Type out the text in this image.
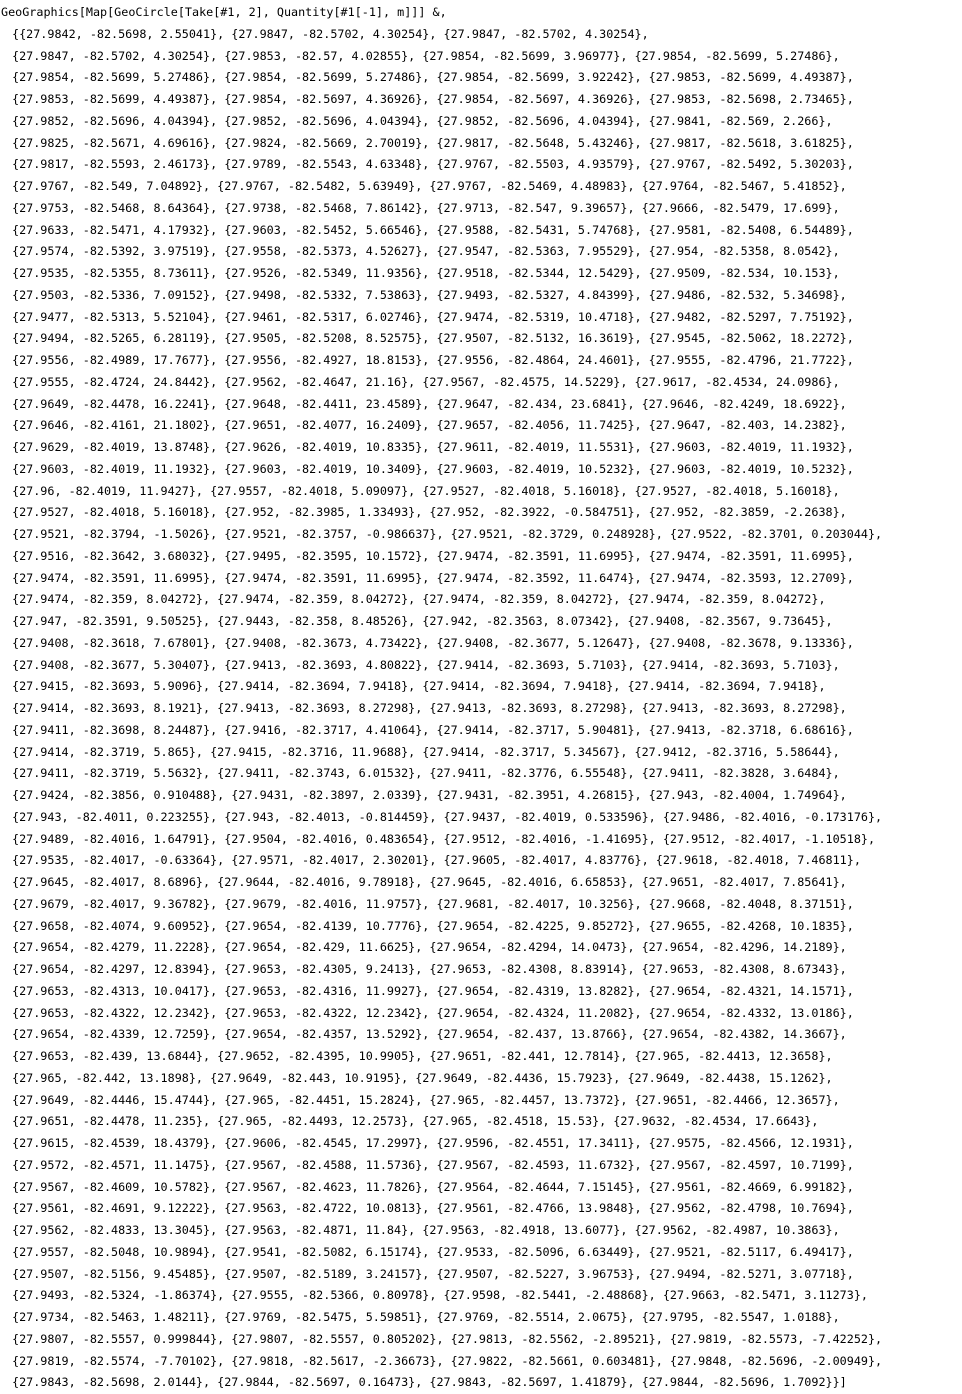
GeoGraphics[Map[GeoCircle[Take[#1, 2], Quantity[#1[-1], m]]] &,
{{27.9842, -82.5698, 2.55041}, {27.9847, -82.5702, 4.30254}, {27.9847, -82.5702, 4.30254},
{27.9847, -82.5702, 4.30254}, {27.9853, -82.57, 4.02855}, {27.9854, -82.5699, 3.96977}, {27.9854, -82.5699, 5.27486},
{27.9854, -82.5699, 5.27486}, {27.9854, -82.5699, 5.27486}, {27.9854, -82.5699, 3.92242}, {27.9853, -82.5699, 4.49387},
{27.9853, -82.5699, 4.49387}, {27.9854, -82.5697, 4.36926}, {27.9854, -82.5697, 4.36926}, {27.9853, -82.5698, 2.73465},
{27.9852, -82.5696, 4.04394}, {27.9852, -82.5696, 4.04394}, {27.9852, -82.5696, 4.04394}, {27.9841, -82.569, 2.266},
{27.9825, -82.5671, 4.69616}, {27.9824, -82.5669, 2.70019}, {27.9817, -82.5648, 5.43246}, {27.9817, -82.5618, 3.61825},
{27.9817, -82.5593, 2.46173}, {27.9789, -82.5543, 4.63348}, {27.9767, -82.5503, 4.93579}, {27.9767, -82.5492, 5.30203},
{27.9767, -82.549, 7.04892}, {27.9767, -82.5482, 5.63949}, {27.9767, -82.5469, 4.48983}, {27.9764, -82.5467, 5.41852},
{27.9753, -82.5468, 8.64364}, {27.9738, -82.5468, 7.86142}, {27.9713, -82.547, 9.39657}, {27.9666, -82.5479, 17.699},
{27.9633, -82.5471, 4.17932}, {27.9603, -82.5452, 5.66546}, {27.9588, -82.5431, 5.74768}, {27.9581, -82.5408, 6.54489},
{27.9574, -82.5392, 3.97519}, {27.9558, -82.5373, 4.52627}, {27.9547, -82.5363, 7.95529}, {27.954, -82.5358, 8.0542},
{27.9535, -82.5355, 8.73611}, {27.9526, -82.5349, 11.9356}, {27.9518, -82.5344, 12.5429}, {27.9509, -82.534, 10.153},
{27.9503, -82.5336, 7.09152}, {27.9498, -82.5332, 7.53863}, {27.9493, -82.5327, 4.84399}, {27.9486, -82.532, 5.34698},
{27.9477, -82.5313, 5.52104}, {27.9461, -82.5317, 6.02746}, {27.9474, -82.5319, 10.4718}, {27.9482, -82.5297, 7.75192},
{27.9494, -82.5265, 6.28119}, {27.9505, -82.5208, 8.52575}, {27.9507, -82.5132, 16.3619}, {27.9545, -82.5062, 18.2272},
{27.9556, -82.4989, 17.7677}, {27.9556, -82.4927, 18.8153}, {27.9556, -82.4864, 24.4601}, {27.9555, -82.4796, 21.7722},
{27.9555, -82.4724, 24.8442}, {27.9562, -82.4647, 21.16}, {27.9567, -82.4575, 14.5229}, {27.9617, -82.4534, 24.0986},
{27.9649, -82.4478, 16.2241}, {27.9648, -82.4411, 23.4589}, {27.9647, -82.434, 23.6841}, {27.9646, -82.4249, 18.6922},
{27.9646, -82.4161, 21.1802}, {27.9651, -82.4077, 16.2409}, {27.9657, -82.4056, 11.7425}, {27.9647, -82.403, 14.2382},
{27.9629, -82.4019, 13.8748}, {27.9626, -82.4019, 10.8335}, {27.9611, -82.4019, 11.5531}, {27.9603, -82.4019, 11.1932},
{27.9603, -82.4019, 11.1932}, {27.9603, -82.4019, 10.3409}, {27.9603, -82.4019, 10.5232}, {27.9603, -82.4019, 10.5232},
{27.96, -82.4019, 11.9427}, {27.9557, -82.4018, 5.09097}, {27.9527, -82.4018, 5.16018}, {27.9527, -82.4018, 5.16018},
{27.9527, -82.4018, 5.16018}, {27.952, -82.3985, 1.33493}, {27.952, -82.3922, -0.584751}, {27.952, -82.3859, -2.2638},
{27.9521, -82.3794, -1.5026}, {27.9521, -82.3757, -0.986637}, {27.9521, -82.3729, 0.248928}, {27.9522, -82.3701, 0.203044},
{27.9516, -82.3642, 3.68032}, {27.9495, -82.3595, 10.1572}, {27.9474, -82.3591, 11.6995}, {27.9474, -82.3591, 11.6995},
{27.9474, -82.3591, 11.6995}, {27.9474, -82.3591, 11.6995}, {27.9474, -82.3592, 11.6474}, {27.9474, -82.3593, 12.2709},
{27.9474, -82.359, 8.04272}, {27.9474, -82.359, 8.04272}, {27.9474, -82.359, 8.04272}, {27.9474, -82.359, 8.04272},
{27.947, -82.3591, 9.50525}, {27.9443, -82.358, 8.48526}, {27.942, -82.3563, 8.07342}, {27.9408, -82.3567, 9.73645},
{27.9408, -82.3618, 7.67801}, {27.9408, -82.3673, 4.73422}, {27.9408, -82.3677, 5.12647}, {27.9408, -82.3678, 9.13336},
{27.9408, -82.3677, 5.30407}, {27.9413, -82.3693, 4.80822}, {27.9414, -82.3693, 5.7103}, {27.9414, -82.3693, 5.7103},
{27.9415, -82.3693, 5.9096}, {27.9414, -82.3694, 7.9418}, {27.9414, -82.3694, 7.9418}, {27.9414, -82.3694, 7.9418},
{27.9414, -82.3693, 8.1921}, {27.9413, -82.3693, 8.27298}, {27.9413, -82.3693, 8.27298}, {27.9413, -82.3693, 8.27298},
{27.9411, -82.3698, 8.24487}, {27.9416, -82.3717, 4.41064}, {27.9414, -82.3717, 5.90481}, {27.9413, -82.3718, 6.68616},
{27.9414, -82.3719, 5.865}, {27.9415, -82.3716, 11.9688}, {27.9414, -82.3717, 5.34567}, {27.9412, -82.3716, 5.58644},
{27.9411, -82.3719, 5.5632}, {27.9411, -82.3743, 6.01532}, {27.9411, -82.3776, 6.55548}, {27.9411, -82.3828, 3.6484},
{27.9424, -82.3856, 0.910488}, {27.9431, -82.3897, 2.0339}, {27.9431, -82.3951, 4.26815}, {27.943, -82.4004, 1.74964},
{27.943, -82.4011, 0.223255}, {27.943, -82.4013, -0.814459}, {27.9437, -82.4019, 0.533596}, {27.9486, -82.4016, -0.173176},
{27.9489, -82.4016, 1.64791}, {27.9504, -82.4016, 0.483654}, {27.9512, -82.4016, -1.41695}, {27.9512, -82.4017, -1.10518},
{27.9535, -82.4017, -0.63364}, {27.9571, -82.4017, 2.30201}, {27.9605, -82.4017, 4.83776}, {27.9618, -82.4018, 7.46811},
{27.9645, -82.4017, 8.6896}, {27.9644, -82.4016, 9.78918}, {27.9645, -82.4016, 6.65853}, {27.9651, -82.4017, 7.85641},
{27.9679, -82.4017, 9.36782}, {27.9679, -82.4016, 11.9757}, {27.9681, -82.4017, 10.3256}, {27.9668, -82.4048, 8.37151},
{27.9658, -82.4074, 9.60952}, {27.9654, -82.4139, 10.7776}, {27.9654, -82.4225, 9.85272}, {27.9655, -82.4268, 10.1835},
{27.9654, -82.4279, 11.2228}, {27.9654, -82.429, 11.6625}, {27.9654, -82.4294, 14.0473}, {27.9654, -82.4296, 14.2189},
{27.9654, -82.4297, 12.8394}, {27.9653, -82.4305, 9.2413}, {27.9653, -82.4308, 8.83914}, {27.9653, -82.4308, 8.67343},
{27.9653, -82.4313, 10.0417}, {27.9653, -82.4316, 11.9927}, {27.9654, -82.4319, 13.8282}, {27.9654, -82.4321, 14.1571},
{27.9653, -82.4322, 12.2342}, {27.9653, -82.4322, 12.2342}, {27.9654, -82.4324, 11.2082}, {27.9654, -82.4332, 13.0186},
{27.9654, -82.4339, 12.7259}, {27.9654, -82.4357, 13.5292}, {27.9654, -82.437, 13.8766}, {27.9654, -82.4382, 14.3667},
{27.9653, -82.439, 13.6844}, {27.9652, -82.4395, 10.9905}, {27.9651, -82.441, 12.7814}, {27.965, -82.4413, 12.3658},
{27.965, -82.442, 13.1898}, {27.9649, -82.443, 10.9195}, {27.9649, -82.4436, 15.7923}, {27.9649, -82.4438, 15.1262},
{27.9649, -82.4446, 15.4744}, {27.965, -82.4451, 15.2824}, {27.965, -82.4457, 13.7372}, {27.9651, -82.4466, 12.3657},
{27.9651, -82.4478, 11.235}, {27.965, -82.4493, 12.2573}, {27.965, -82.4518, 15.53}, {27.9632, -82.4534, 17.6643},
{27.9615, -82.4539, 18.4379}, {27.9606, -82.4545, 17.2997}, {27.9596, -82.4551, 17.3411}, {27.9575, -82.4566, 12.1931},
{27.9572, -82.4571, 11.1475}, {27.9567, -82.4588, 11.5736}, {27.9567, -82.4593, 11.6732}, {27.9567, -82.4597, 10.7199},
{27.9567, -82.4609, 10.5782}, {27.9567, -82.4623, 11.7826}, {27.9564, -82.4644, 7.15145}, {27.9561, -82.4669, 6.99182},
{27.9561, -82.4691, 9.12222}, {27.9563, -82.4722, 10.0813}, {27.9561, -82.4766, 13.9848}, {27.9562, -82.4798, 10.7694},
{27.9562, -82.4833, 13.3045}, {27.9563, -82.4871, 11.84}, {27.9563, -82.4918, 13.6077}, {27.9562, -82.4987, 10.3863},
{27.9557, -82.5048, 10.9894}, {27.9541, -82.5082, 6.15174}, {27.9533, -82.5096, 6.63449}, {27.9521, -82.5117, 6.49417},
{27.9507, -82.5156, 9.45485}, {27.9507, -82.5189, 3.24157}, {27.9507, -82.5227, 3.96753}, {27.9494, -82.5271, 3.07718},
{27.9493, -82.5324, -1.86374}, {27.9555, -82.5366, 0.80978}, {27.9598, -82.5441, -2.48868}, {27.9663, -82.5471, 3.11273},
{27.9734, -82.5463, 1.48211}, {27.9769, -82.5475, 5.59851}, {27.9769, -82.5514, 2.0675}, {27.9795, -82.5547, 1.0188},
{27.9807, -82.5557, 0.999844}, {27.9807, -82.5557, 0.805202}, {27.9813, -82.5562, -2.89521}, {27.9819, -82.5573, -7.42252},
{27.9819, -82.5574, -7.70102}, {27.9818, -82.5617, -2.36673}, {27.9822, -82.5661, 0.603481}, {27.9848, -82.5696, -2.00949},
{27.9843, -82.5698, 2.0144}, {27.9844, -82.5697, 0.16473}, {27.9843, -82.5697, 1.41879}, {27.9844, -82.5696, 1.7092}}]
